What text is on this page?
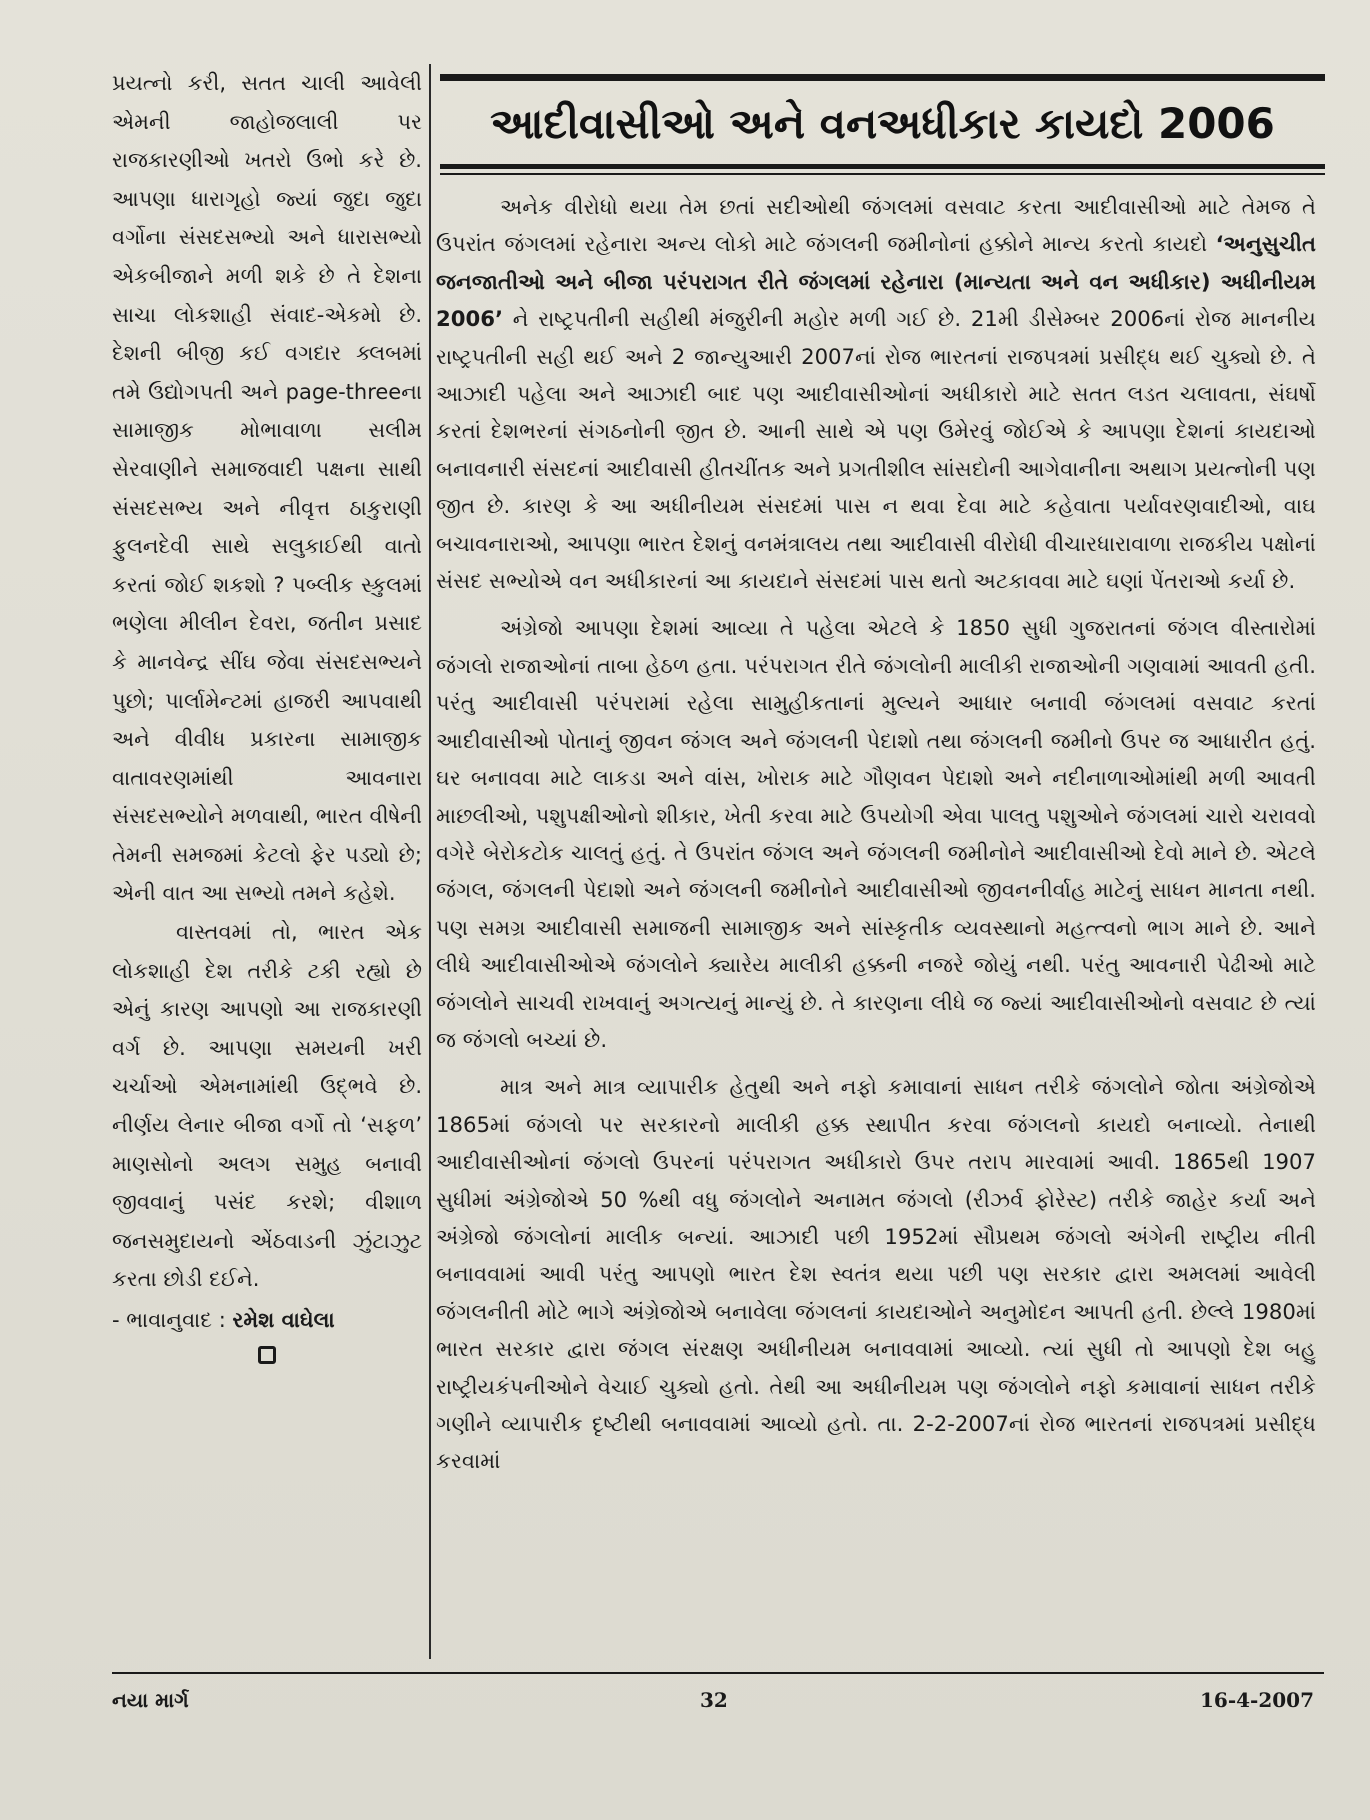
પ્રયત્નો કરી, સતત ચાલી આવેલી એમની જાહોજલાલી પર રાજકારણીઓ ખતરો ઉભો કરે છે. આપણા ધારાગૃહો જ્યાં જુદા જુદા વર્ગોના સંસદસભ્યો અને ધારાસભ્યો એકબીજાને મળી શકે છે તે દેશના સાચા લોકશાહી સંવાદ-એકમો છે. દેશની બીજી કઈ વગદાર ક્લબમાં તમે ઉદ્યોગપતી અને page-threeના સામાજીક મોભાવાળા સલીમ સેરવાણીને સમાજવાદી પક્ષના સાથી સંસદસભ્ય અને નીવૃત્ત ઠાકુરાણી ફુલનદેવી સાથે સલુકાઈથી વાતો કરતાં જોઈ શકશો ? પબ્લીક સ્કુલમાં ભણેલા મીલીન દેવરા, જતીન પ્રસાદ કે માનવેન્દ્ર સીંઘ જેવા સંસદસભ્યને પુછો; પાર્લામેન્ટમાં હાજરી આપવાથી અને વીવીધ પ્રકારના સામાજીક વાતાવરણમાંથી આવનારા સંસદસભ્યોને મળવાથી, ભારત વીષેની તેમની સમજમાં કેટલો ફેર પડ્યો છે; એની વાત આ સભ્યો તમને કહેશે.

વાસ્તવમાં તો, ભારત એક લોકશાહી દેશ તરીકે ટકી રહ્યો છે એનું કારણ આપણો આ રાજકારણી વર્ગ છે. આપણા સમયની ખરી ચર્ચાઓ એમનામાંથી ઉદ્ભવે છે. નીર્ણય લેનાર બીજા વર્ગો તો ‘સફળ’ માણસોનો અલગ સમુહ બનાવી જીવવાનું પસંદ કરશે; વીશાળ જનસમુદાયનો એંઠવાડની ઝુંટાઝુટ કરતા છોડી દઈને.

- ભાવાનુવાદ : રમેશ વાઘેલા

આદીવાસીઓ અને વનઅધીકાર કાયદો 2006

અનેક વીરોધો થયા તેમ છતાં સદીઓથી જંગલમાં વસવાટ કરતા આદીવાસીઓ માટે તેમજ તે ઉપરાંત જંગલમાં રહેનારા અન્ય લોકો માટે જંગલની જમીનોનાં હક્કોને માન્ય કરતો કાયદો ‘અનુસુચીત જનજાતીઓ અને બીજા પરંપરાગત રીતે જંગલમાં રહેનારા (માન્યતા અને વન અધીકાર) અધીનીયમ 2006’ ને રાષ્ટ્રપતીની સહીથી મંજુરીની મહોર મળી ગઈ છે. 21મી ડીસેમ્બર 2006નાં રોજ માનનીય રાષ્ટ્રપતીની સહી થઈ અને 2 જાન્યુઆરી 2007નાં રોજ ભારતનાં રાજપત્રમાં પ્રસીદ્ધ થઈ ચુક્યો છે. તે આઝાદી પહેલા અને આઝાદી બાદ પણ આદીવાસીઓનાં અધીકારો માટે સતત લડત ચલાવતા, સંઘર્ષો કરતાં દેશભરનાં સંગઠનોની જીત છે. આની સાથે એ પણ ઉમેરવું જોઈએ કે આપણા દેશનાં કાયદાઓ બનાવનારી સંસદનાં આદીવાસી હીતચીંતક અને પ્રગતીશીલ સાંસદોની આગેવાનીના અથાગ પ્રયત્નોની પણ જીત છે. કારણ કે આ અધીનીયમ સંસદમાં પાસ ન થવા દેવા માટે કહેવાતા પર્યાવરણવાદીઓ, વાઘ બચાવનારાઓ, આપણા ભારત દેશનું વનમંત્રાલય તથા આદીવાસી વીરોધી વીચારધારાવાળા રાજકીય પક્ષોનાં સંસદ સભ્યોએ વન અધીકારનાં આ કાયદાને સંસદમાં પાસ થતો અટકાવવા માટે ઘણાં પેંતરાઓ કર્યા છે.

અંગ્રેજો આપણા દેશમાં આવ્યા તે પહેલા એટલે કે 1850 સુધી ગુજરાતનાં જંગલ વીસ્તારોમાં જંગલો રાજાઓનાં તાબા હેઠળ હતા. પરંપરાગત રીતે જંગલોની માલીકી રાજાઓની ગણવામાં આવતી હતી. પરંતુ આદીવાસી પરંપરામાં રહેલા સામુહીકતાનાં મુલ્યને આધાર બનાવી જંગલમાં વસવાટ કરતાં આદીવાસીઓ પોતાનું જીવન જંગલ અને જંગલની પેદાશો તથા જંગલની જમીનો ઉપર જ આધારીત હતું. ઘર બનાવવા માટે લાકડા અને વાંસ, ખોરાક માટે ગૌણવન પેદાશો અને નદીનાળાઓમાંથી મળી આવતી માછલીઓ, પશુપક્ષીઓનો શીકાર, ખેતી કરવા માટે ઉપયોગી એવા પાલતુ પશુઓને જંગલમાં ચારો ચરાવવો વગેરે બેરોકટોક ચાલતું હતું. તે ઉપરાંત જંગલ અને જંગલની જમીનોને આદીવાસીઓ દેવો માને છે. એટલે જંગલ, જંગલની પેદાશો અને જંગલની જમીનોને આદીવાસીઓ જીવનનીર્વાહ માટેનું સાધન માનતા નથી. પણ સમગ્ર આદીવાસી સમાજની સામાજીક અને સાંસ્કૃતીક વ્યવસ્થાનો મહત્ત્વનો ભાગ માને છે. આને લીધે આદીવાસીઓએ જંગલોને ક્યારેય માલીકી હક્કની નજરે જોયું નથી. પરંતુ આવનારી પેઢીઓ માટે જંગલોને સાચવી રાખવાનું અગત્યનું માન્યું છે. તે કારણના લીધે જ જ્યાં આદીવાસીઓનો વસવાટ છે ત્યાં જ જંગલો બચ્યાં છે.

માત્ર અને માત્ર વ્યાપારીક હેતુથી અને નફો કમાવાનાં સાધન તરીકે જંગલોને જોતા અંગ્રેજોએ 1865માં જંગલો પર સરકારનો માલીકી હક્ક સ્થાપીત કરવા જંગલનો કાયદો બનાવ્યો. તેનાથી આદીવાસીઓનાં જંગલો ઉપરનાં પરંપરાગત અધીકારો ઉપર તરાપ મારવામાં આવી. 1865થી 1907 સુધીમાં અંગ્રેજોએ 50 %થી વધુ જંગલોને અનામત જંગલો (રીઝર્વ ફોરેસ્ટ) તરીકે જાહેર કર્યા અને અંગ્રેજો જંગલોનાં માલીક બન્યાં. આઝાદી પછી 1952માં સૌપ્રથમ જંગલો અંગેની રાષ્ટ્રીય નીતી બનાવવામાં આવી પરંતુ આપણો ભારત દેશ સ્વતંત્ર થયા પછી પણ સરકાર દ્વારા અમલમાં આવેલી જંગલનીતી મોટે ભાગે અંગ્રેજોએ બનાવેલા જંગલનાં કાયદાઓને અનુમોદન આપતી હતી. છેલ્લે 1980માં ભારત સરકાર દ્વારા જંગલ સંરક્ષણ અધીનીયમ બનાવવામાં આવ્યો. ત્યાં સુધી તો આપણો દેશ બહુ રાષ્ટ્રીયકંપનીઓને વેચાઈ ચુક્યો હતો. તેથી આ અધીનીયમ પણ જંગલોને નફો કમાવાનાં સાધન તરીકે ગણીને વ્યાપારીક દૃષ્ટીથી બનાવવામાં આવ્યો હતો. તા. 2-2-2007નાં રોજ ભારતનાં રાજપત્રમાં પ્રસીદ્ધ કરવામાં

નયા માર્ગ	32	16-4-2007
